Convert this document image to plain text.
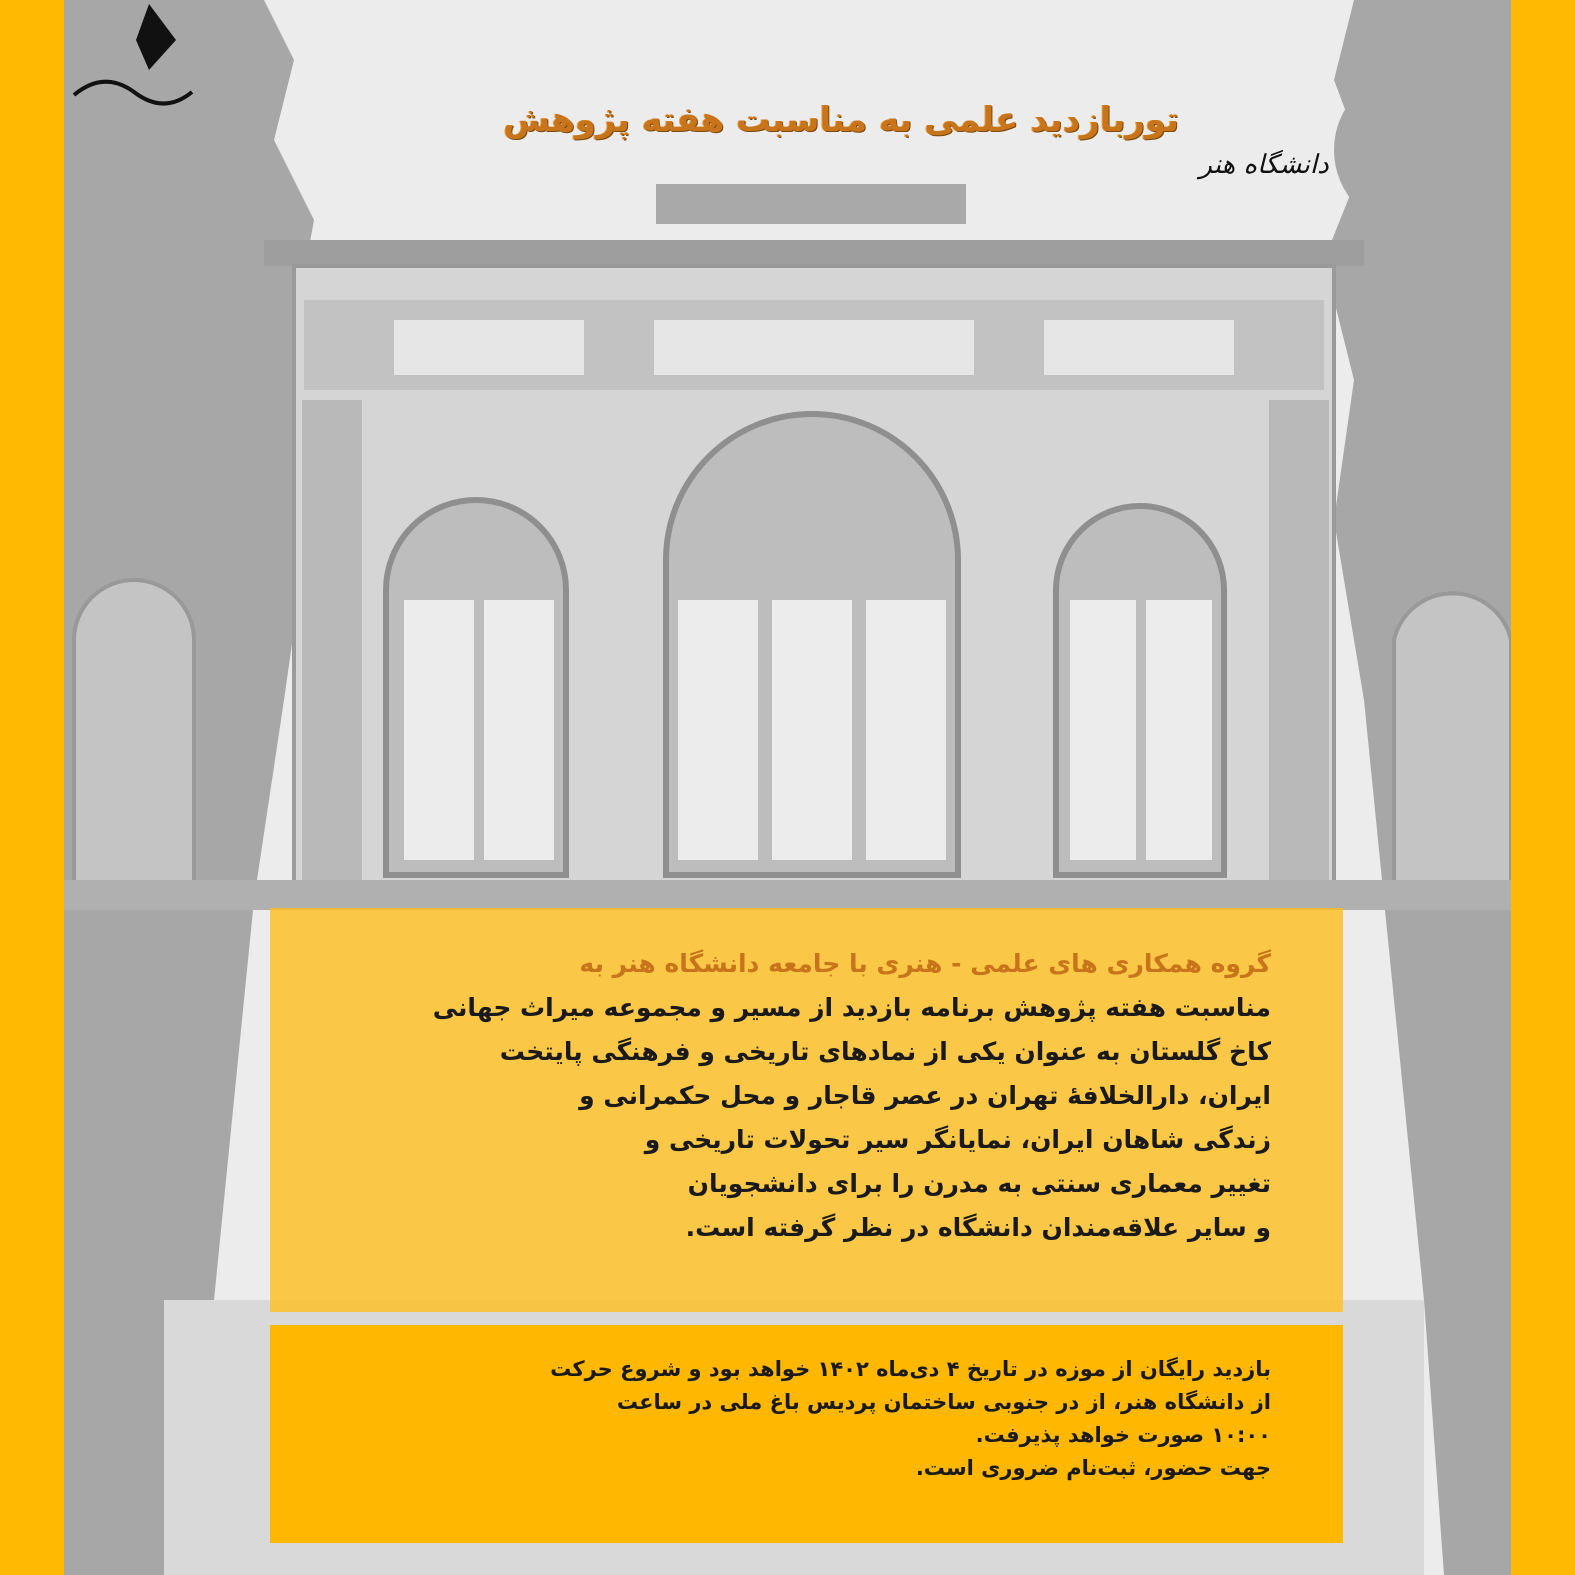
توربازدید علمی به مناسبت هفته پژوهش
دانشگاه هنر

گروه همکاری های علمی - هنری با جامعه دانشگاه هنر به
مناسبت هفته پژوهش برنامه بازدید از مسیر و مجموعه میراث جهانی
کاخ گلستان به عنوان یکی از نمادهای تاریخی و فرهنگی پایتخت
ایران، دارالخلافۀ تهران در عصر قاجار و محل حکمرانی و
زندگی شاهان ایران، نمایانگر سیر تحولات تاریخی و
تغییر معماری سنتی به مدرن را برای دانشجویان
و سایر علاقه‌مندان دانشگاه در نظر گرفته است.

بازدید رایگان از موزه در تاریخ ۴ دی‌ماه ۱۴۰۲ خواهد بود و شروع حرکت
از دانشگاه هنر، از در جنوبی ساختمان پردیس باغ ملی در ساعت
۱۰:۰۰ صورت خواهد پذیرفت.
جهت حضور، ثبت‌نام ضروری است.
